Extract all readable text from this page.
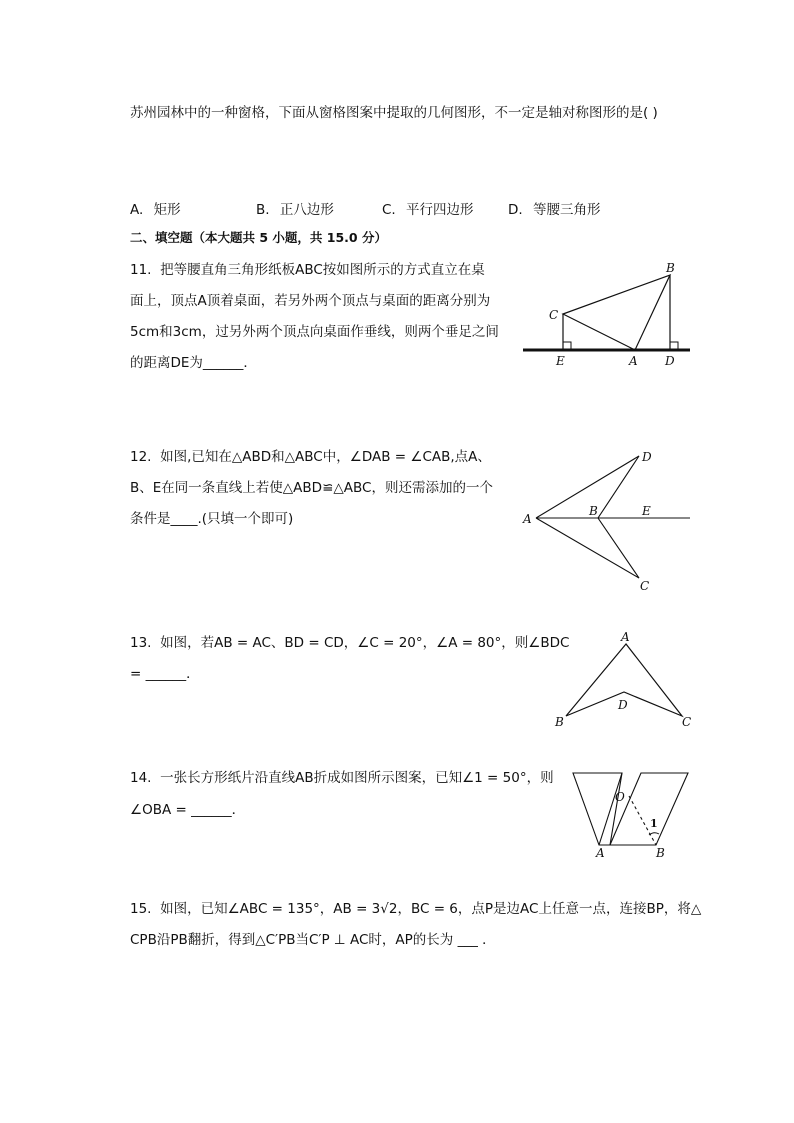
苏州园林中的一种窗格，下面从窗格图案中提取的几何图形，不一定是轴对称图形的是( )
A. 矩形	B. 正八边形	C. 平行四边形	D. 等腰三角形
二、填空题（本大题共 5 小题，共 15.0 分）
11. 把等腰直角三角形纸板ABC按如图所示的方式直立在桌
面上，顶点A顶着桌面，若另外两个顶点与桌面的距离分别为
5cm和3cm，过另外两个顶点向桌面作垂线，则两个垂足之间
的距离DE为______．
B
C
E	A D
12. 如图,已知在△ABD和△ABC中，∠DAB = ∠CAB,点A、
B、E在同一条直线上若使△ABD≌△ABC，则还需添加的一个
条件是____.(只填一个即可)
D
A
B	E
C
13. 如图，若AB = AC、BD = CD，∠C = 20°，∠A = 80°，则∠BDC
= ______．
A
D
B	C
14. 一张长方形纸片沿直线AB折成如图所示图案，已知∠1 = 50°，则
∠OBA = ______．
O
1
A	B
15. 如图，已知∠ABC = 135°，AB = 3√2，BC = 6，点P是边AC上任意一点，连接BP，将△
CPB沿PB翻折，得到△C′PB当C′P ⊥ AC时，AP的长为 ___ ．
